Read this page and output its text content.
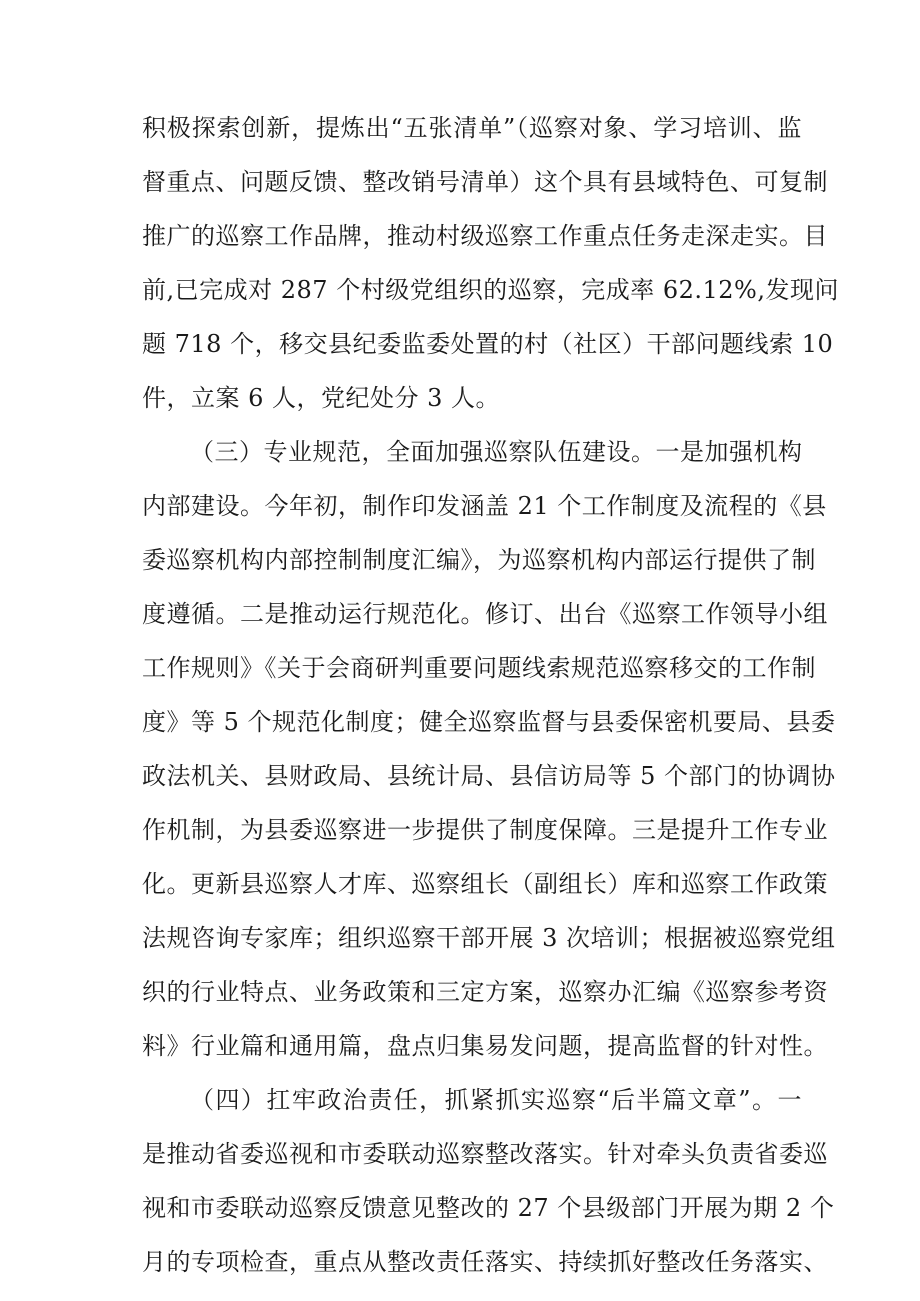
积极探索创新，提炼出“五张清单”（巡察对象、学习培训、监
督重点、问题反馈、整改销号清单）这个具有县域特色、可复制
推广的巡察工作品牌，推动村级巡察工作重点任务走深走实。目
前,已完成对 287 个村级党组织的巡察，完成率 62.12%,发现问
题 718 个，移交县纪委监委处置的村（社区）干部问题线索 10
件，立案 6 人，党纪处分 3 人。
（三）专业规范，全面加强巡察队伍建设。一是加强机构
内部建设。今年初，制作印发涵盖 21 个工作制度及流程的《县
委巡察机构内部控制制度汇编》，为巡察机构内部运行提供了制
度遵循。二是推动运行规范化。修订、出台《巡察工作领导小组
工作规则》《关于会商研判重要问题线索规范巡察移交的工作制
度》等 5 个规范化制度；健全巡察监督与县委保密机要局、县委
政法机关、县财政局、县统计局、县信访局等 5 个部门的协调协
作机制，为县委巡察进一步提供了制度保障。三是提升工作专业
化。更新县巡察人才库、巡察组长（副组长）库和巡察工作政策
法规咨询专家库；组织巡察干部开展 3 次培训；根据被巡察党组
织的行业特点、业务政策和三定方案，巡察办汇编《巡察参考资
料》行业篇和通用篇，盘点归集易发问题，提高监督的针对性。
（四）扛牢政治责任，抓紧抓实巡察“后半篇文章”。一
是推动省委巡视和市委联动巡察整改落实。针对牵头负责省委巡
视和市委联动巡察反馈意见整改的 27 个县级部门开展为期 2 个
月的专项检查，重点从整改责任落实、持续抓好整改任务落实、
